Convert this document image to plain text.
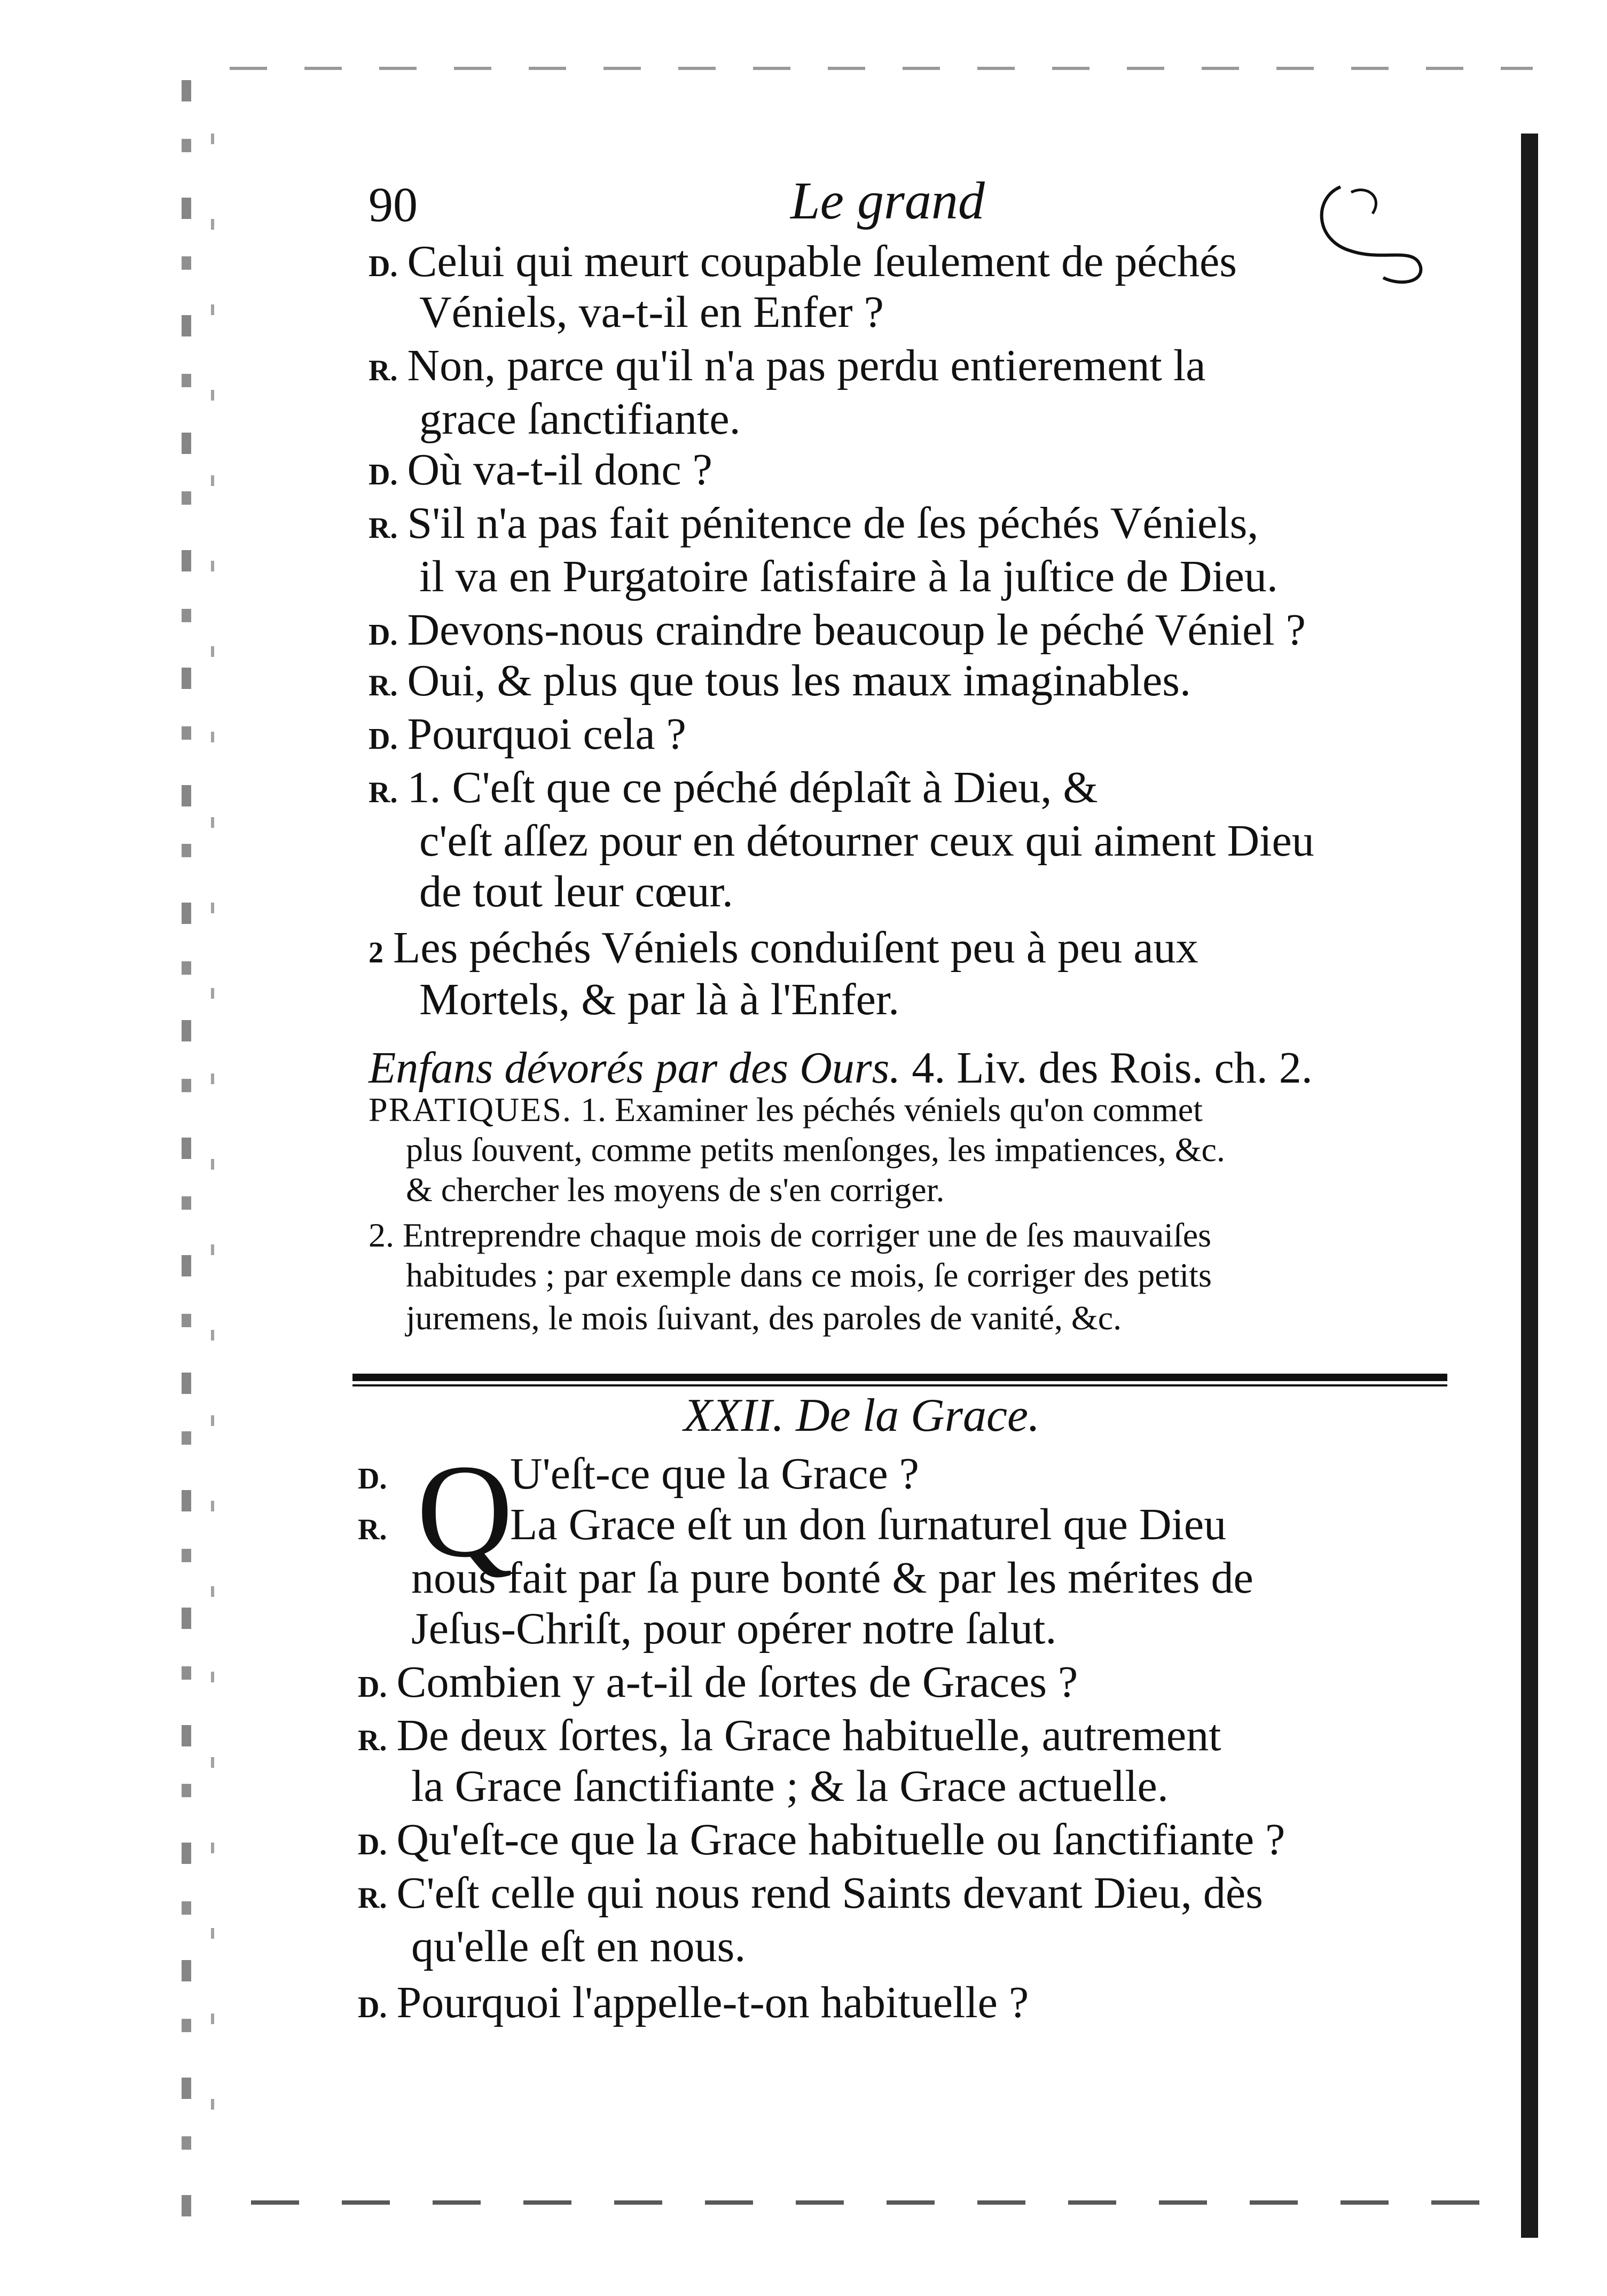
90	Le grand
D. Celui qui meurt coupable ſeulement de péchés
Véniels, va-t-il en Enfer ?
R. Non, parce qu'il n'a pas perdu entierement la
grace ſanctifiante.
D. Où va-t-il donc ?
R. S'il n'a pas fait pénitence de ſes péchés Véniels,
il va en Purgatoire ſatisfaire à la juſtice de Dieu.
D. Devons-nous craindre beaucoup le péché Véniel ?
R. Oui, & plus que tous les maux imaginables.
D. Pourquoi cela ?
R. 1. C'eſt que ce péché déplaît à Dieu, &
c'eſt aſſez pour en détourner ceux qui aiment Dieu
de tout leur cœur.
2 Les péchés Véniels conduiſent peu à peu aux
Mortels, & par là à l'Enfer.
Enfans dévorés par des Ours. 4. Liv. des Rois. ch. 2.
PRATIQUES. 1. Examiner les péchés véniels qu'on commet
plus ſouvent, comme petits menſonges, les impatiences, &c.
& chercher les moyens de s'en corriger.
2. Entreprendre chaque mois de corriger une de ſes mauvaiſes
habitudes ; par exemple dans ce mois, ſe corriger des petits
juremens, le mois ſuivant, des paroles de vanité, &c.
XXII. De la Grace.
Q
D.	U'eſt-ce que la Grace ?
R.	La Grace eſt un don ſurnaturel que Dieu
nous fait par ſa pure bonté & par les mérites de
Jeſus-Chriſt, pour opérer notre ſalut.
D. Combien y a-t-il de ſortes de Graces ?
R. De deux ſortes, la Grace habituelle, autrement
la Grace ſanctifiante ; & la Grace actuelle.
D. Qu'eſt-ce que la Grace habituelle ou ſanctifiante ?
R. C'eſt celle qui nous rend Saints devant Dieu, dès
qu'elle eſt en nous.
D. Pourquoi l'appelle-t-on habituelle ?
